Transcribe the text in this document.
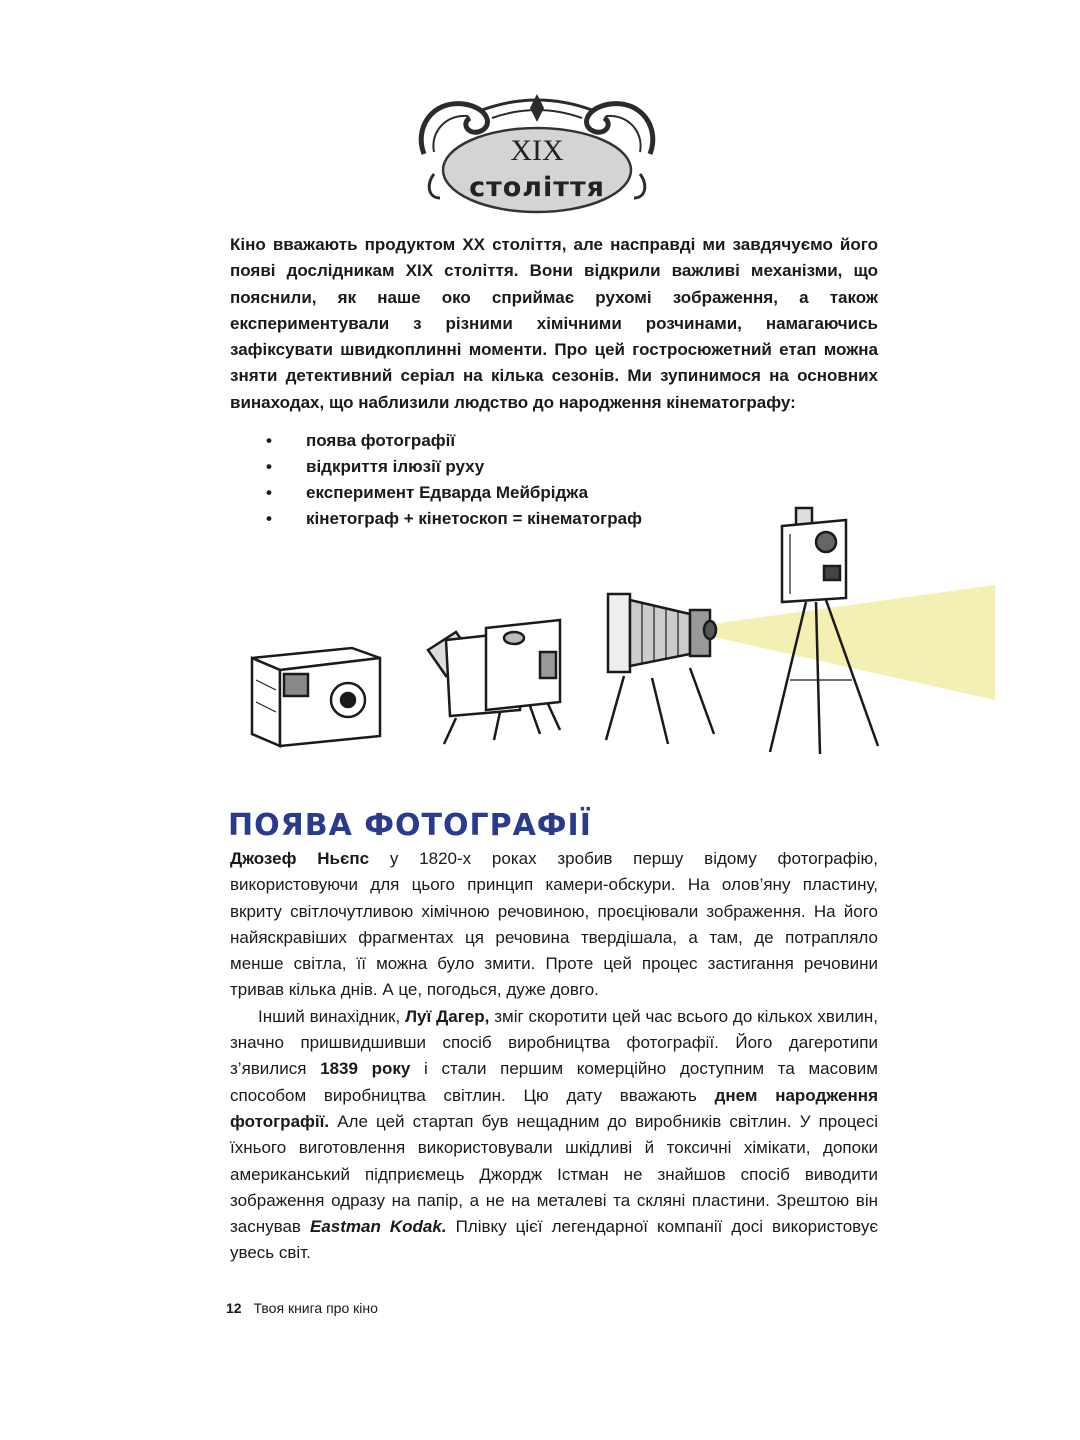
XIX
століття

Кіно вважають продуктом ХХ століття, але насправді ми завдячуємо його появі дослідникам XIX століття. Вони відкрили важливі механізми, що пояснили, як наше око сприймає рухомі зображення, а також експериментували з різними хімічними розчинами, намагаючись зафіксувати швидкоплинні моменти. Про цей гостросюжетний етап можна зняти детективний серіал на кілька сезонів. Ми зупинимося на основних винаходах, що наблизили людство до народження кінематографу:

• поява фотографії
• відкриття ілюзії руху
• експеримент Едварда Мейбріджа
• кінетограф + кінетоскоп = кінематограф
ПОЯВА ФОТОГРАФІЇ

Джозеф Ньєпс у 1820-х роках зробив першу відому фотографію, використовуючи для цього принцип камери-обскури. На олов’яну пластину, вкриту світлочутливою хімічною речовиною, проєціювали зображення. На його найяскравіших фрагментах ця речовина твердішала, а там, де потрапляло менше світла, її можна було змити. Проте цей процес застигання речовини тривав кілька днів. А це, погодься, дуже довго.

Інший винахідник, Луї Дагер, зміг скоротити цей час всього до кількох хвилин, значно пришвидшивши спосіб виробництва фотографії. Його дагеротипи з’явилися 1839 року і стали першим комерційно доступним та масовим способом виробництва світлин. Цю дату вважають днем народження фотографії. Але цей стартап був нещадним до виробників світлин. У процесі їхнього виготовлення використовували шкідливі й токсичні хімікати, допоки американський підприємець Джордж Істман не знайшов спосіб виводити зображення одразу на папір, а не на металеві та скляні пластини. Зрештою він заснував Eastman Kodak. Плівку цієї легендарної компанії досі використовує увесь світ.

12 Твоя книга про кіно
